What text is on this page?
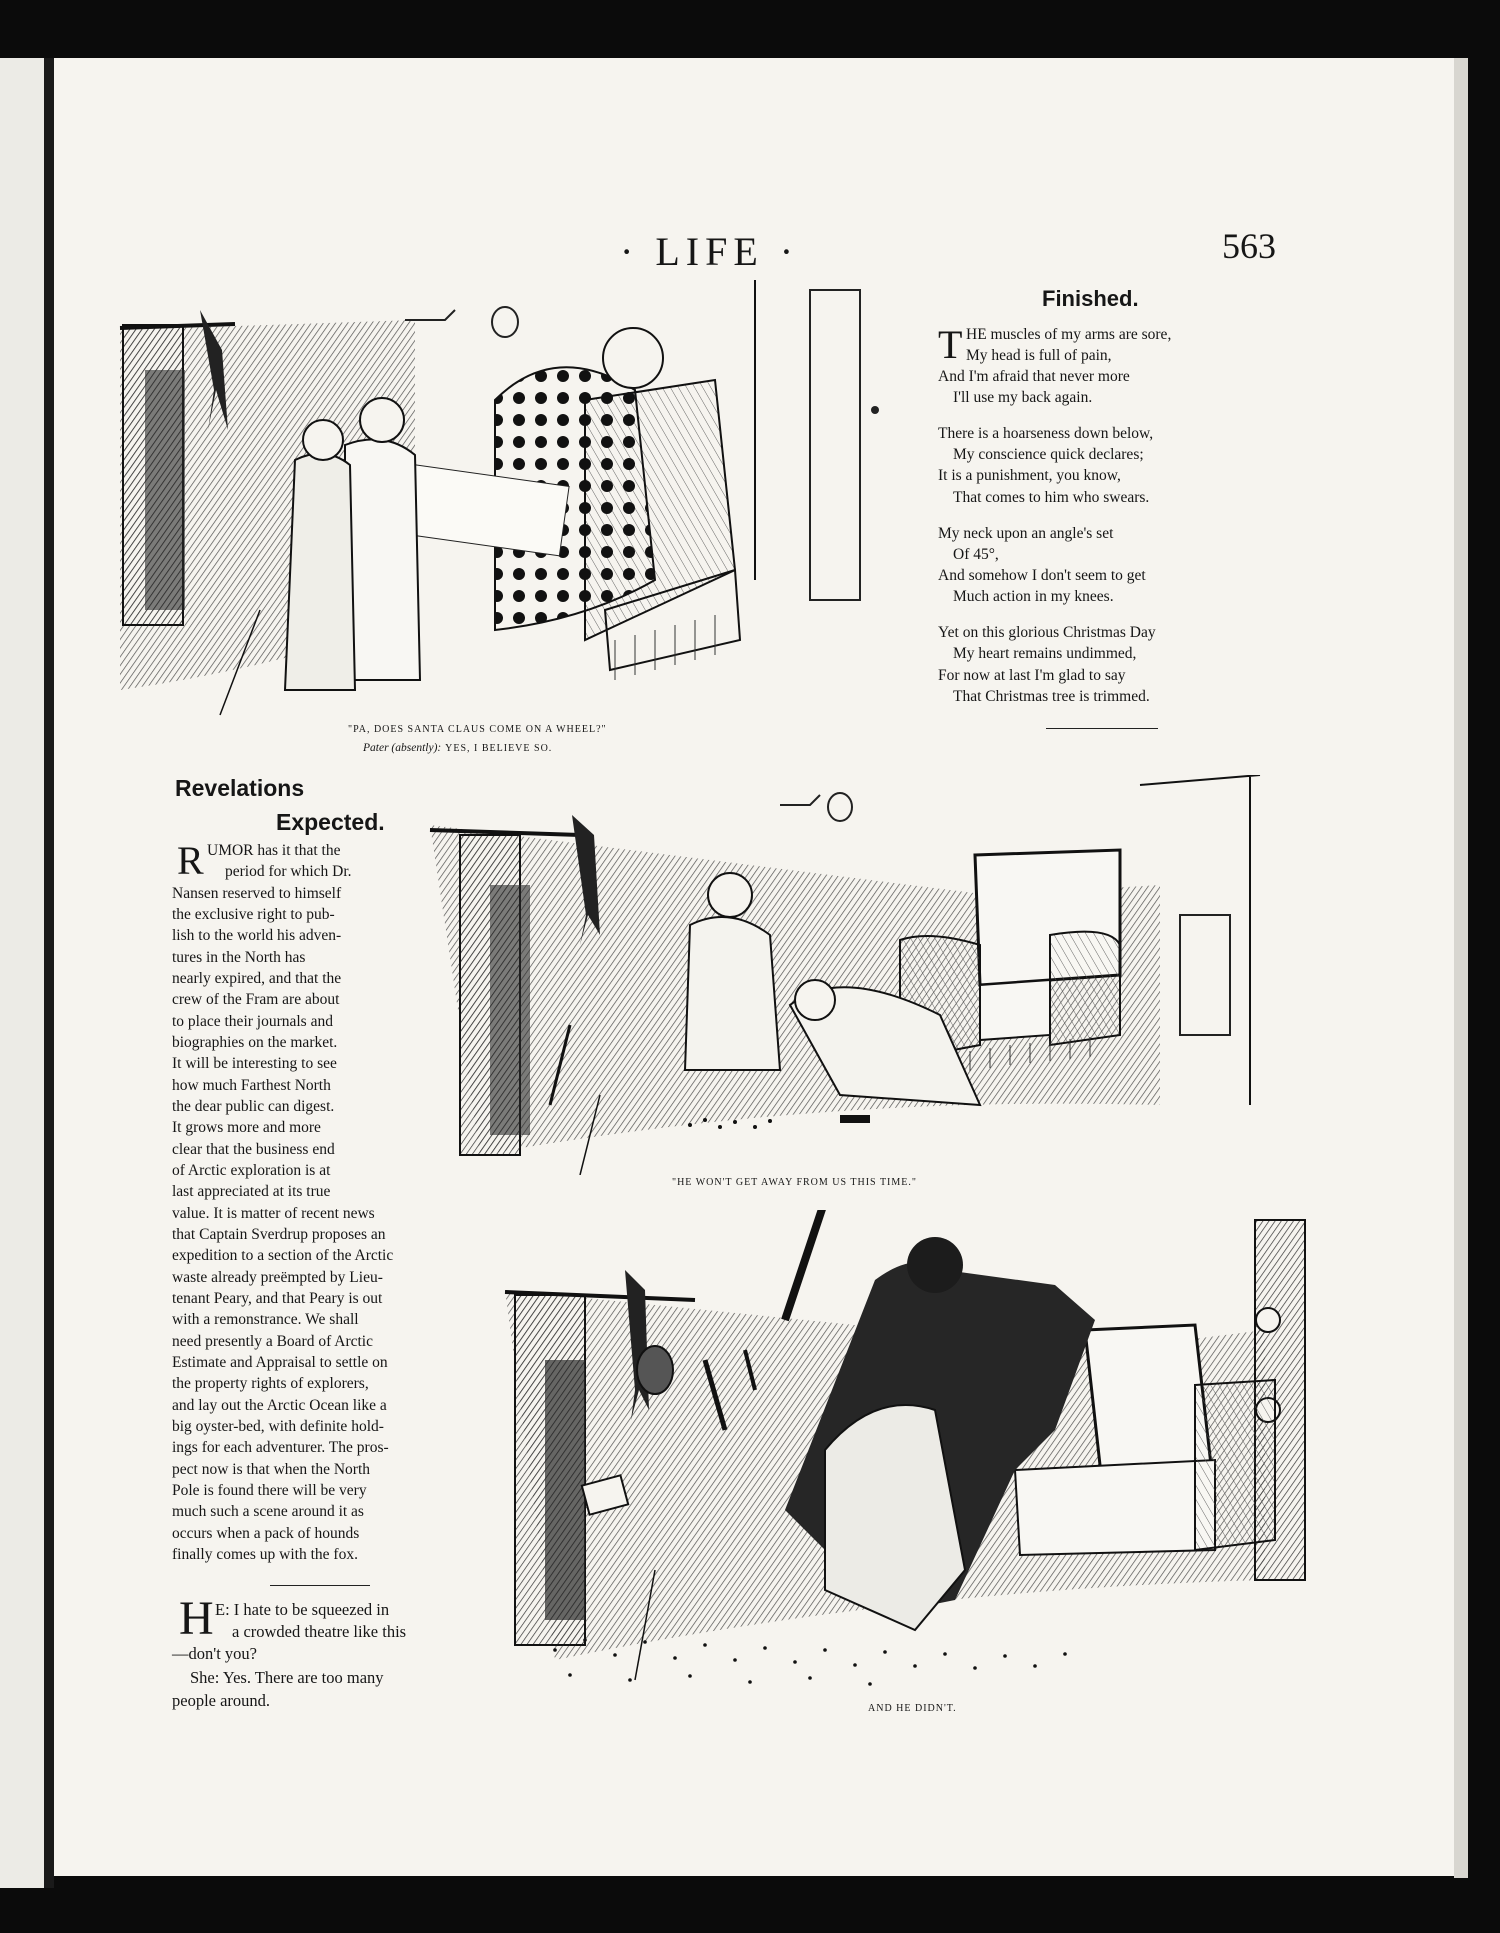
· LIFE ·	563
Finished.
T HE muscles of my arms are sore,
My head is full of pain,
And I'm afraid that never more
I'll use my back again.
There is a hoarseness down below,
My conscience quick declares;
It is a punishment, you know,
That comes to him who swears.
My neck upon an angle's set
Of 45°,
And somehow I don't seem to get
Much action in my knees.
Yet on this glorious Christmas Day
My heart remains undimmed,
For now at last I'm glad to say
That Christmas tree is trimmed.
"PA, DOES SANTA CLAUS COME ON A WHEEL?"
Pater (absently): YES, I BELIEVE SO.
Revelations
Expected.
R UMOR has it that the
period for which Dr.
Nansen reserved to himself
the exclusive right to pub-
lish to the world his adven-
tures in the North has
nearly expired, and that the
crew of the Fram are about
to place their journals and
biographies on the market.
It will be interesting to see
how much Farthest North
the dear public can digest.
It grows more and more
clear that the business end
of Arctic exploration is at
last appreciated at its true
value. It is matter of recent news
that Captain Sverdrup proposes an
expedition to a section of the Arctic
waste already preëmpted by Lieu-
tenant Peary, and that Peary is out
with a remonstrance. We shall
need presently a Board of Arctic
Estimate and Appraisal to settle on
the property rights of explorers,
and lay out the Arctic Ocean like a
big oyster-bed, with definite hold-
ings for each adventurer. The pros-
pect now is that when the North
Pole is found there will be very
much such a scene around it as
occurs when a pack of hounds
finally comes up with the fox.
H E: I hate to be squeezed in
a crowded theatre like this
—don't you?
She: Yes. There are too many
people around.
"HE WON'T GET AWAY FROM US THIS TIME."
AND HE DIDN'T.
